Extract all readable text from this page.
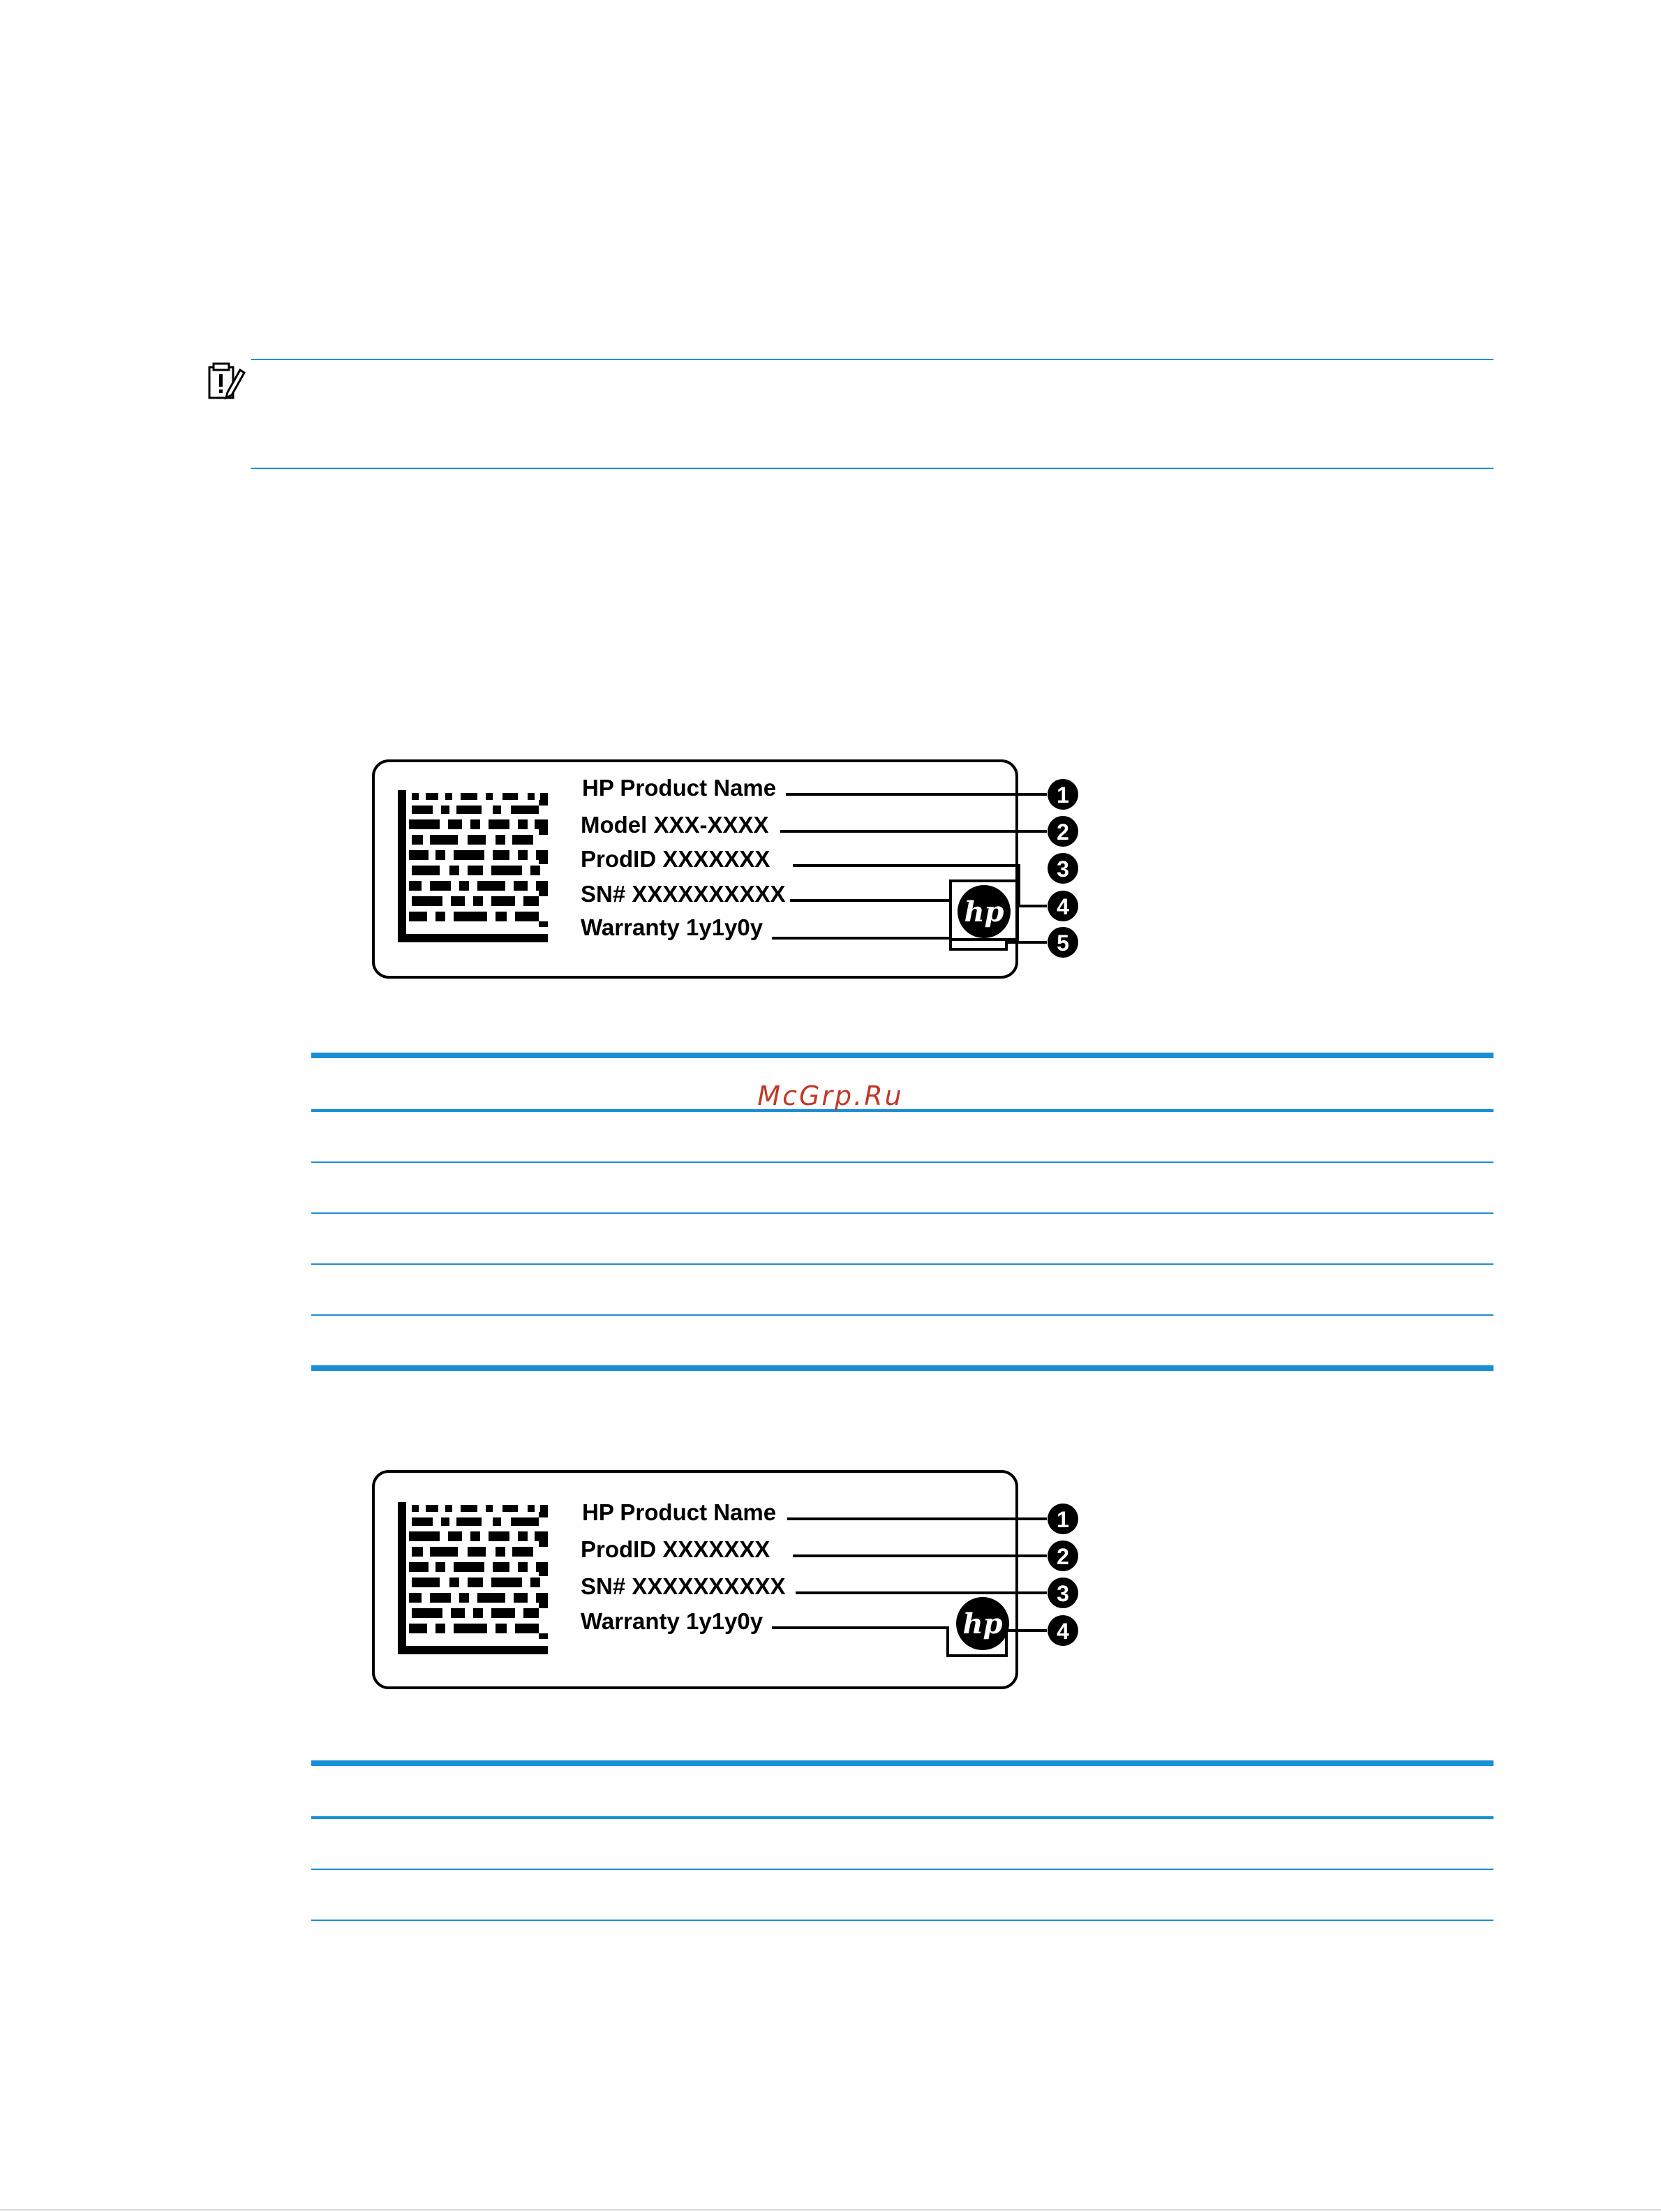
HP Product Name
Model XXX-XXXX
ProdID XXXXXXX
SN# XXXXXXXXXX
Warranty 1y1y0y	hp
1
2
3
4
5
McGrp.Ru
HP Product Name
ProdID XXXXXXX
SN# XXXXXXXXXX
Warranty 1y1y0y	hp
1
2
3
4
